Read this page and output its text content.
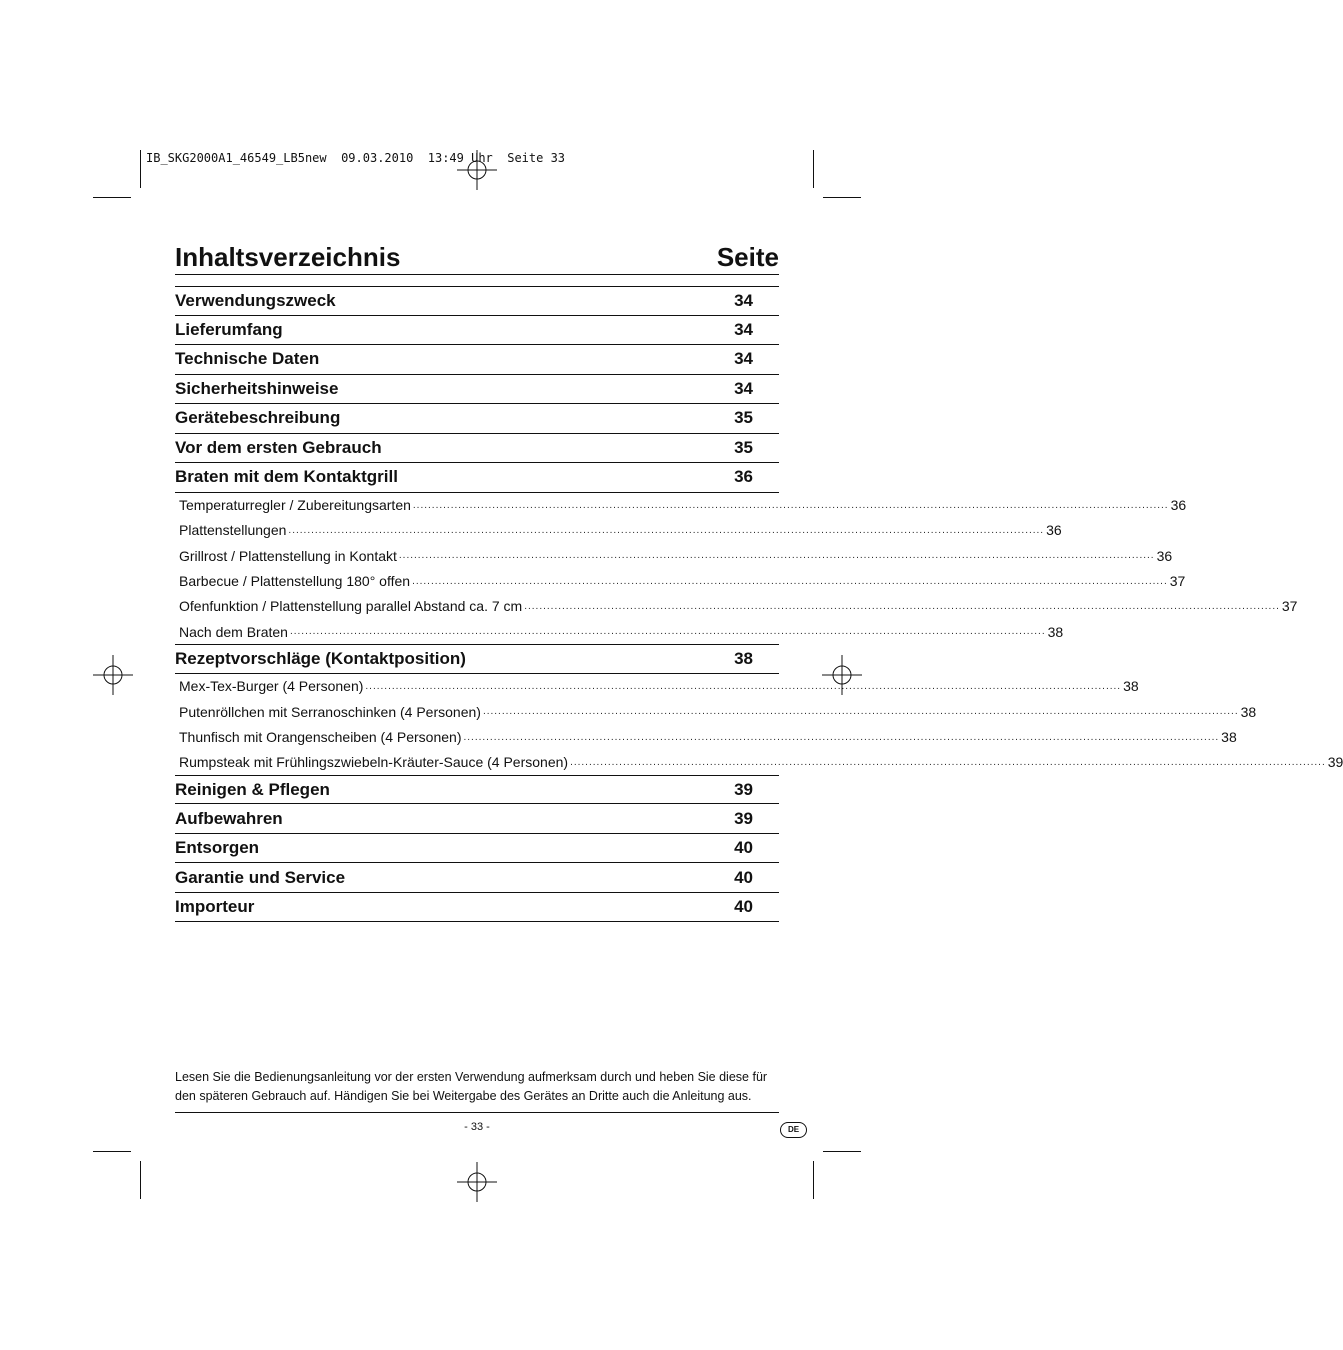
IB_SKG2000A1_46549_LB5new  09.03.2010  13:49 Uhr  Seite 33
Inhaltsverzeichnis	Seite
Verwendungszweck	34
Lieferumfang	34
Technische Daten	34
Sicherheitshinweise	34
Gerätebeschreibung	35
Vor dem ersten Gebrauch	35
Braten mit dem Kontaktgrill	36
Temperaturregler / Zubereitungsarten ........................................................................................................................................................................................................ 36
Plattenstellungen ........................................................................................................................................................................................................ 36
Grillrost / Plattenstellung in Kontakt ........................................................................................................................................................................................................ 36
Barbecue / Plattenstellung 180° offen ........................................................................................................................................................................................................ 37
Ofenfunktion / Plattenstellung parallel Abstand ca. 7 cm ........................................................................................................................................................................................................ 37
Nach dem Braten ........................................................................................................................................................................................................ 38
Rezeptvorschläge (Kontaktposition)	38
Mex-Tex-Burger (4 Personen) ........................................................................................................................................................................................................ 38
Putenröllchen mit Serranoschinken (4 Personen) ........................................................................................................................................................................................................ 38
Thunfisch mit Orangenscheiben (4 Personen) ........................................................................................................................................................................................................ 38
Rumpsteak mit Frühlingszwiebeln-Kräuter-Sauce (4 Personen) ........................................................................................................................................................................................................ 39
Reinigen & Pflegen	39
Aufbewahren	39
Entsorgen	40
Garantie und Service	40
Importeur	40
Lesen Sie die Bedienungsanleitung vor der ersten Verwendung aufmerksam durch und heben Sie diese für den späteren Gebrauch auf. Händigen Sie bei Weitergabe des Gerätes an Dritte auch die Anleitung aus.
- 33 -	DE
